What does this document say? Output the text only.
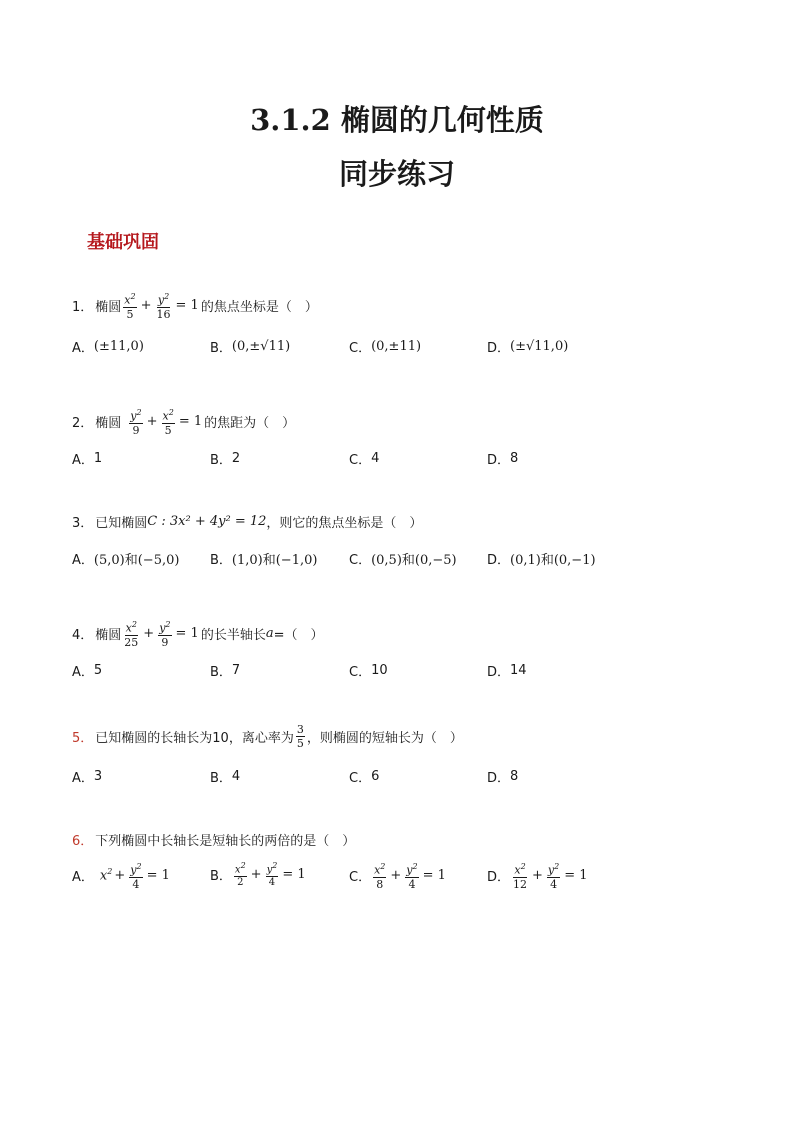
3.1.2 椭圆的几何性质
同步练习
基础巩固
1． 椭圆 $\frac{x^2}{5} + \frac{y^2}{16} = 1$ 的焦点坐标是（　）
A． (±11,0)	B． (0,±√11)	C． (0,±11)	D． (±√11,0)
2． 椭圆 $\frac{y^2}{9} + \frac{x^2}{5} = 1$ 的焦距为（　）
A． 1	B． 2	C． 4	D． 8
3． 已知椭圆 C : 3x² + 4y² = 12 ，则它的焦点坐标是（　）
A． (5,0)和(−5,0) B． (1,0)和(−1,0) C． (0,5)和(0,−5) D． (0,1)和(0,−1)
4． 椭圆 $\frac{x^2}{25} + \frac{y^2}{9} = 1$ 的长半轴长 a =（　）
A． 5	B． 7	C． 10	D． 14
5． 已知椭圆的长轴长为10，离心率为 $\frac{3}{5}$ ，则椭圆的短轴长为（　）
A． 3	B． 4	C． 6	D． 8
6． 下列椭圆中长轴长是短轴长的两倍的是（　）
A． $x^2 + \frac{y^2}{4} = 1$	B． $\frac{x^2}{2} + \frac{y^2}{4} = 1$	C． $\frac{x^2}{8} + \frac{y^2}{4} = 1$	D． $\frac{x^2}{12} + \frac{y^2}{4} = 1$
